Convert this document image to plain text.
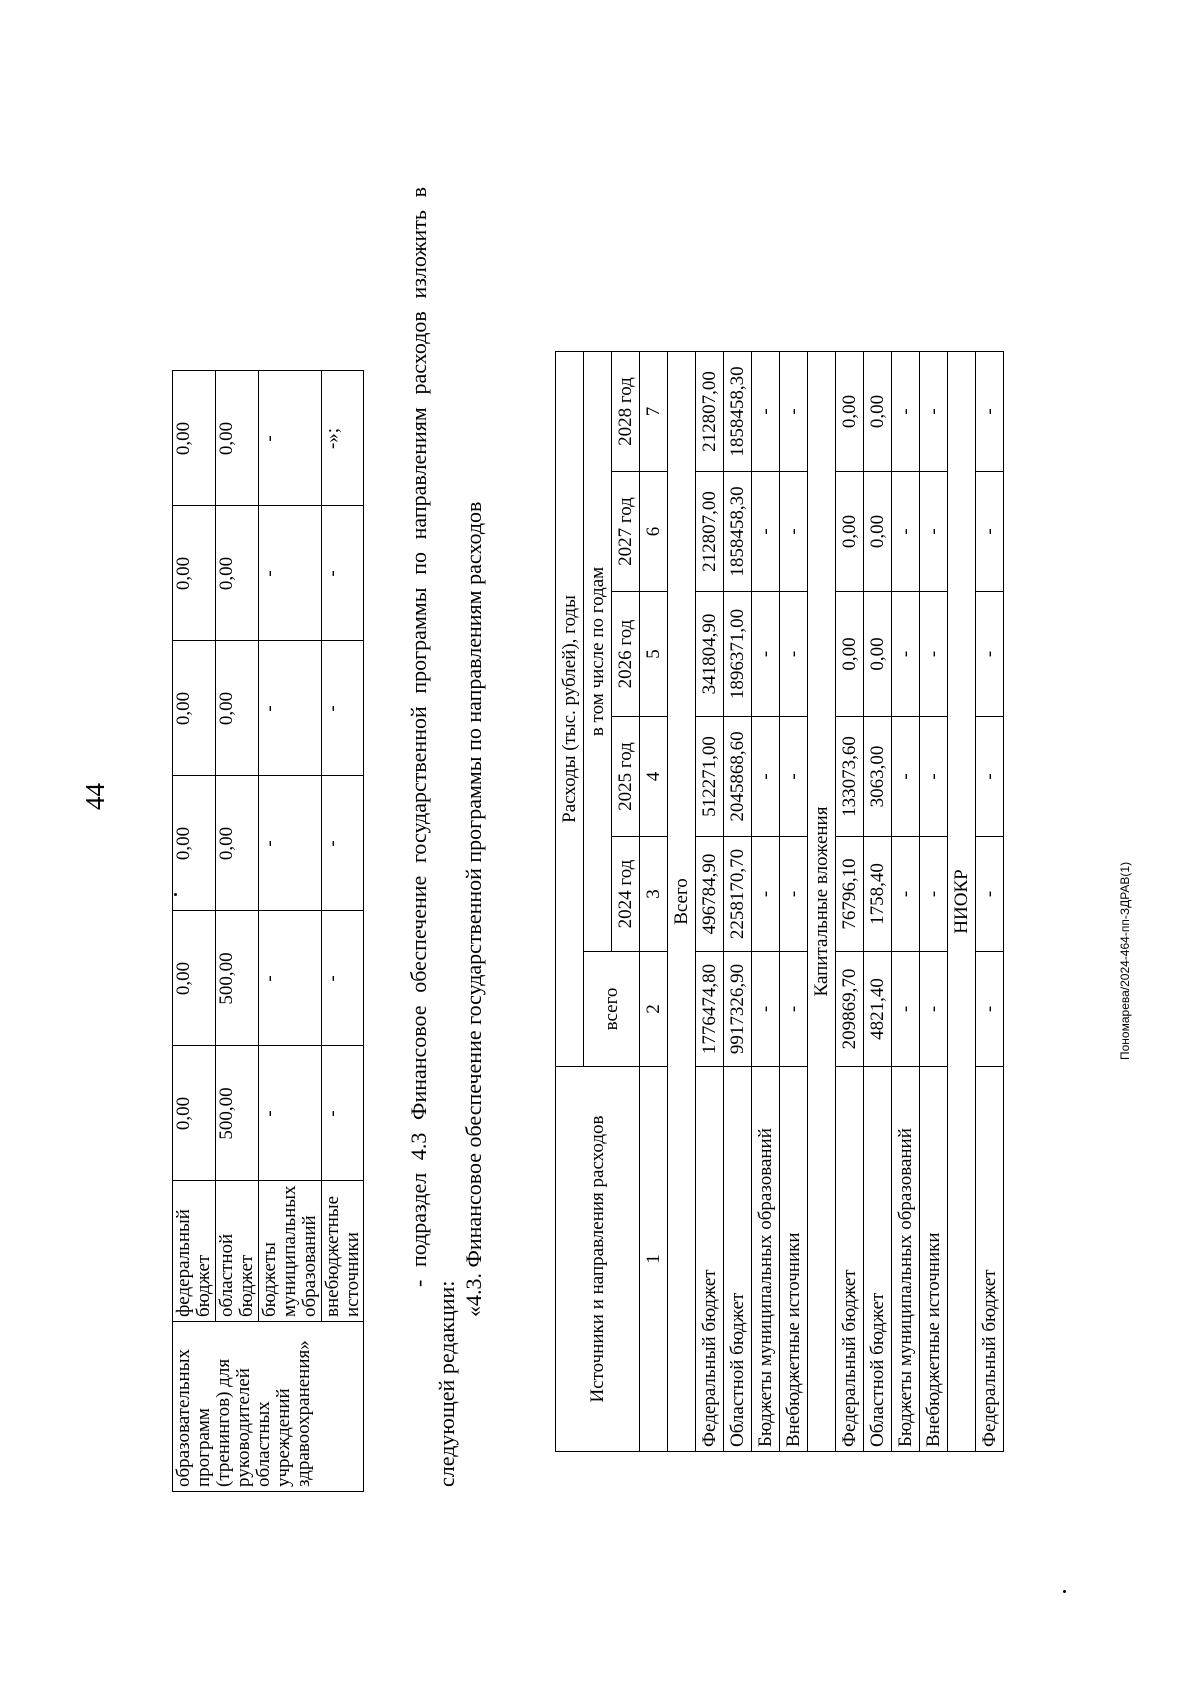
44
Пономарева/2024-464-пп-ЗДРАВ(1)
образовательных программ (тренингов) для руководителей областных учреждений здравоохранения»	федеральный бюджет	0,00	0,00	0,00	0,00	0,00	0,00
	областной бюджет	500,00	500,00	0,00	0,00	0,00	0,00
	бюджеты муниципальных образований	-	-	-	-	-	-
	внебюджетные источники	-	-	-	-	-	-»;	- подраздел 4.3 Финансовое обеспечение государственной программы по направлениям расходов изложить в
следующей редакции:
«4.3. Финансовое обеспечение государственной программы по направлениям расходов	Источники и направления расходов	Расходы (тыс. рублей), годы					
	всего	в том числе по годам				
		2024 год	2025 год	2026 год	2027 год	2028 год
1	2	3	4	5	6	7
Всего						
Федеральный бюджет	1776474,80	496784,90	512271,00	341804,90	212807,00	212807,00
Областной бюджет	9917326,90	2258170,70	2045868,60	1896371,00	1858458,30	1858458,30
Бюджеты муниципальных образований	-	-	-	-	-	-
Внебюджетные источники	-	-	-	-	-	-
Капитальные вложения						
Федеральный бюджет	209869,70	76796,10	133073,60	0,00	0,00	0,00
Областной бюджет	4821,40	1758,40	3063,00	0,00	0,00	0,00
Бюджеты муниципальных образований	-	-	-	-	-	-
Внебюджетные источники	-	-	-	-	-	-
НИОКР						
Федеральный бюджет	-	-	-	-	-	-
